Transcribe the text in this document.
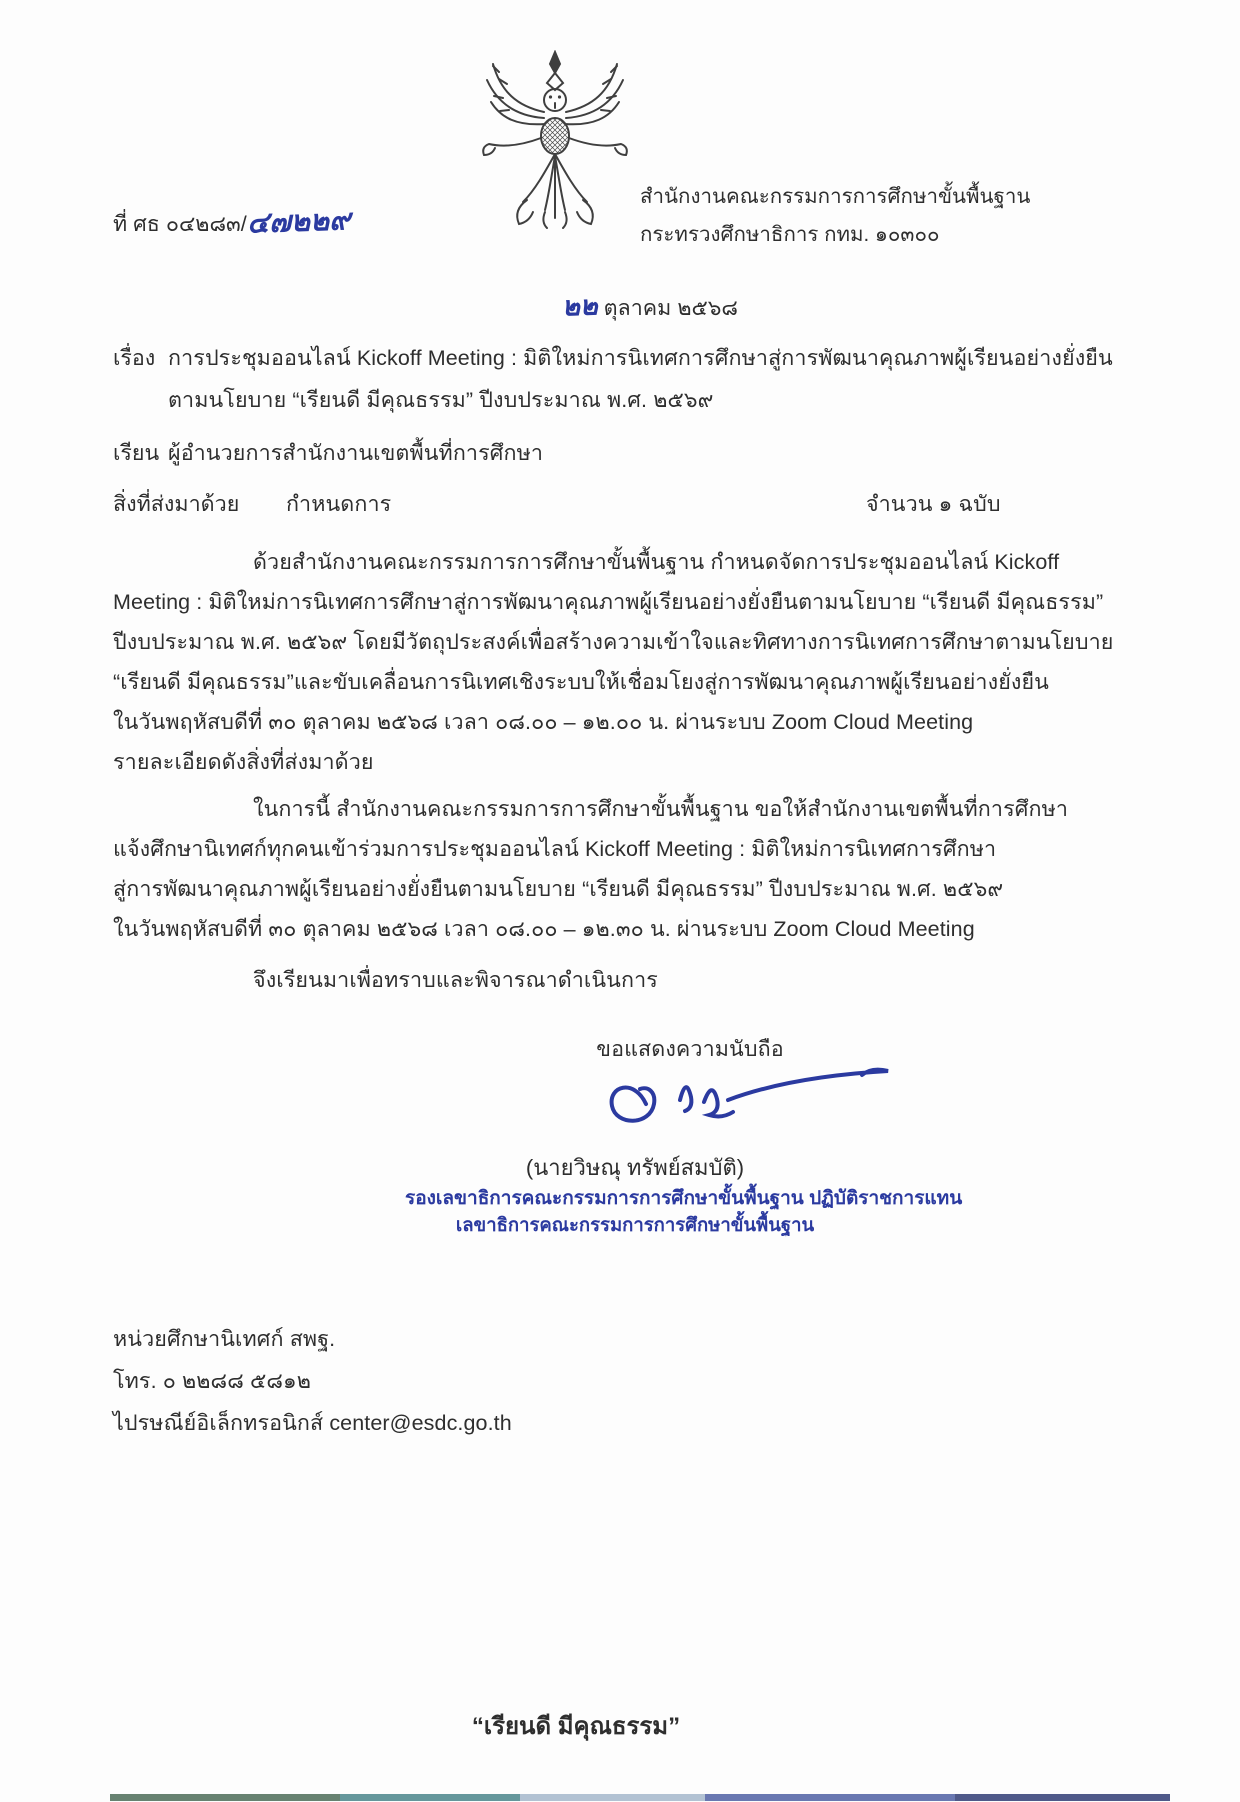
ที่ ศธ ๐๔๒๘๓/๔๗๒๒๙
สำนักงานคณะกรรมการการศึกษาขั้นพื้นฐาน
กระทรวงศึกษาธิการ กทม. ๑๐๓๐๐
๒๒ ตุลาคม ๒๕๖๘
เรื่อง การประชุมออนไลน์ Kickoff Meeting : มิติใหม่การนิเทศการศึกษาสู่การพัฒนาคุณภาพผู้เรียนอย่างยั่งยืน
ตามนโยบาย “เรียนดี มีคุณธรรม” ปีงบประมาณ พ.ศ. ๒๕๖๙
เรียน ผู้อำนวยการสำนักงานเขตพื้นที่การศึกษา
สิ่งที่ส่งมาด้วย กำหนดการ	จำนวน ๑ ฉบับ
ด้วยสำนักงานคณะกรรมการการศึกษาขั้นพื้นฐาน กำหนดจัดการประชุมออนไลน์ Kickoff
Meeting : มิติใหม่การนิเทศการศึกษาสู่การพัฒนาคุณภาพผู้เรียนอย่างยั่งยืนตามนโยบาย “เรียนดี มีคุณธรรม”
ปีงบประมาณ พ.ศ. ๒๕๖๙ โดยมีวัตถุประสงค์เพื่อสร้างความเข้าใจและทิศทางการนิเทศการศึกษาตามนโยบาย
“เรียนดี มีคุณธรรม”และขับเคลื่อนการนิเทศเชิงระบบให้เชื่อมโยงสู่การพัฒนาคุณภาพผู้เรียนอย่างยั่งยืน
ในวันพฤหัสบดีที่ ๓๐ ตุลาคม ๒๕๖๘ เวลา ๐๘.๐๐ – ๑๒.๐๐ น. ผ่านระบบ Zoom Cloud Meeting
รายละเอียดดังสิ่งที่ส่งมาด้วย
ในการนี้ สำนักงานคณะกรรมการการศึกษาขั้นพื้นฐาน ขอให้สำนักงานเขตพื้นที่การศึกษา
แจ้งศึกษานิเทศก์ทุกคนเข้าร่วมการประชุมออนไลน์ Kickoff Meeting : มิติใหม่การนิเทศการศึกษา
สู่การพัฒนาคุณภาพผู้เรียนอย่างยั่งยืนตามนโยบาย “เรียนดี มีคุณธรรม” ปีงบประมาณ พ.ศ. ๒๕๖๙
ในวันพฤหัสบดีที่ ๓๐ ตุลาคม ๒๕๖๘ เวลา ๐๘.๐๐ – ๑๒.๓๐ น. ผ่านระบบ Zoom Cloud Meeting
จึงเรียนมาเพื่อทราบและพิจารณาดำเนินการ
ขอแสดงความนับถือ
(นายวิษณุ ทรัพย์สมบัติ)
รองเลขาธิการคณะกรรมการการศึกษาขั้นพื้นฐาน ปฏิบัติราชการแทน
เลขาธิการคณะกรรมการการศึกษาขั้นพื้นฐาน
หน่วยศึกษานิเทศก์ สพฐ.
โทร. ๐ ๒๒๘๘ ๕๘๑๒
ไปรษณีย์อิเล็กทรอนิกส์ center@esdc.go.th
“เรียนดี มีคุณธรรม”
